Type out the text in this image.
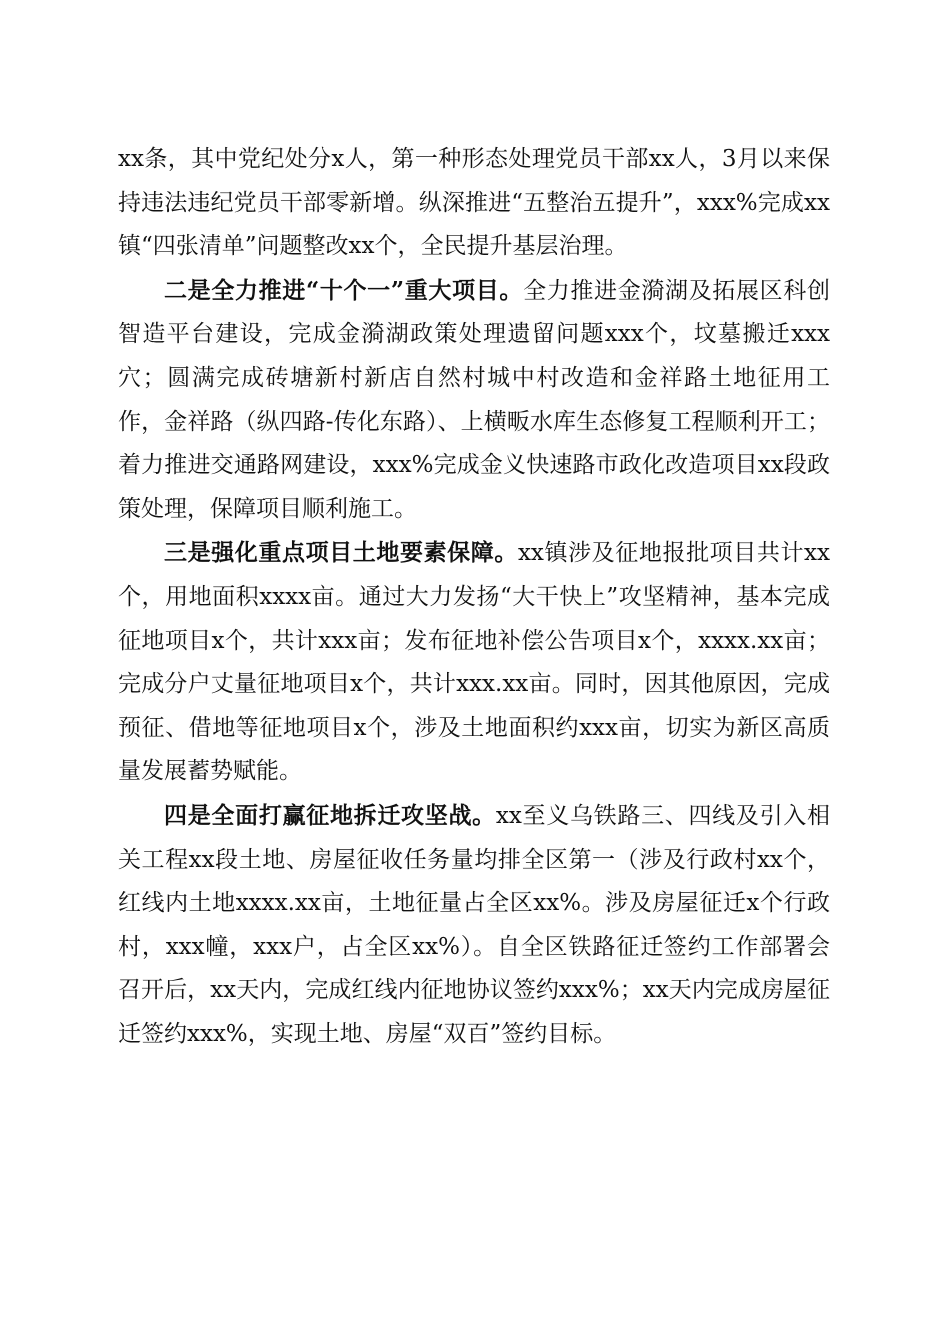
xx条，其中党纪处分x人，第一种形态处理党员干部xx人，3月以来保持违法违纪党员干部零新增。纵深推进“五整治五提升”，xxx%完成xx镇“四张清单”问题整改xx个，全民提升基层治理。

二是全力推进“十个一”重大项目。全力推进金漪湖及拓展区科创智造平台建设，完成金漪湖政策处理遗留问题xxx个，坟墓搬迁xxx穴；圆满完成砖塘新村新店自然村城中村改造和金祥路土地征用工作，金祥路（纵四路-传化东路）、上横畈水库生态修复工程顺利开工；着力推进交通路网建设，xxx%完成金义快速路市政化改造项目xx段政策处理，保障项目顺利施工。

三是强化重点项目土地要素保障。xx镇涉及征地报批项目共计xx个，用地面积xxxx亩。通过大力发扬“大干快上”攻坚精神，基本完成征地项目x个，共计xxx亩；发布征地补偿公告项目x个，xxxx.xx亩；完成分户丈量征地项目x个，共计xxx.xx亩。同时，因其他原因，完成预征、借地等征地项目x个，涉及土地面积约xxx亩，切实为新区高质量发展蓄势赋能。

四是全面打赢征地拆迁攻坚战。xx至义乌铁路三、四线及引入相关工程xx段土地、房屋征收任务量均排全区第一（涉及行政村xx个，红线内土地xxxx.xx亩，土地征量占全区xx%。涉及房屋征迁x个行政村，xxx幢，xxx户，占全区xx%）。自全区铁路征迁签约工作部署会召开后，xx天内，完成红线内征地协议签约xxx%；xx天内完成房屋征迁签约xxx%，实现土地、房屋“双百”签约目标。
